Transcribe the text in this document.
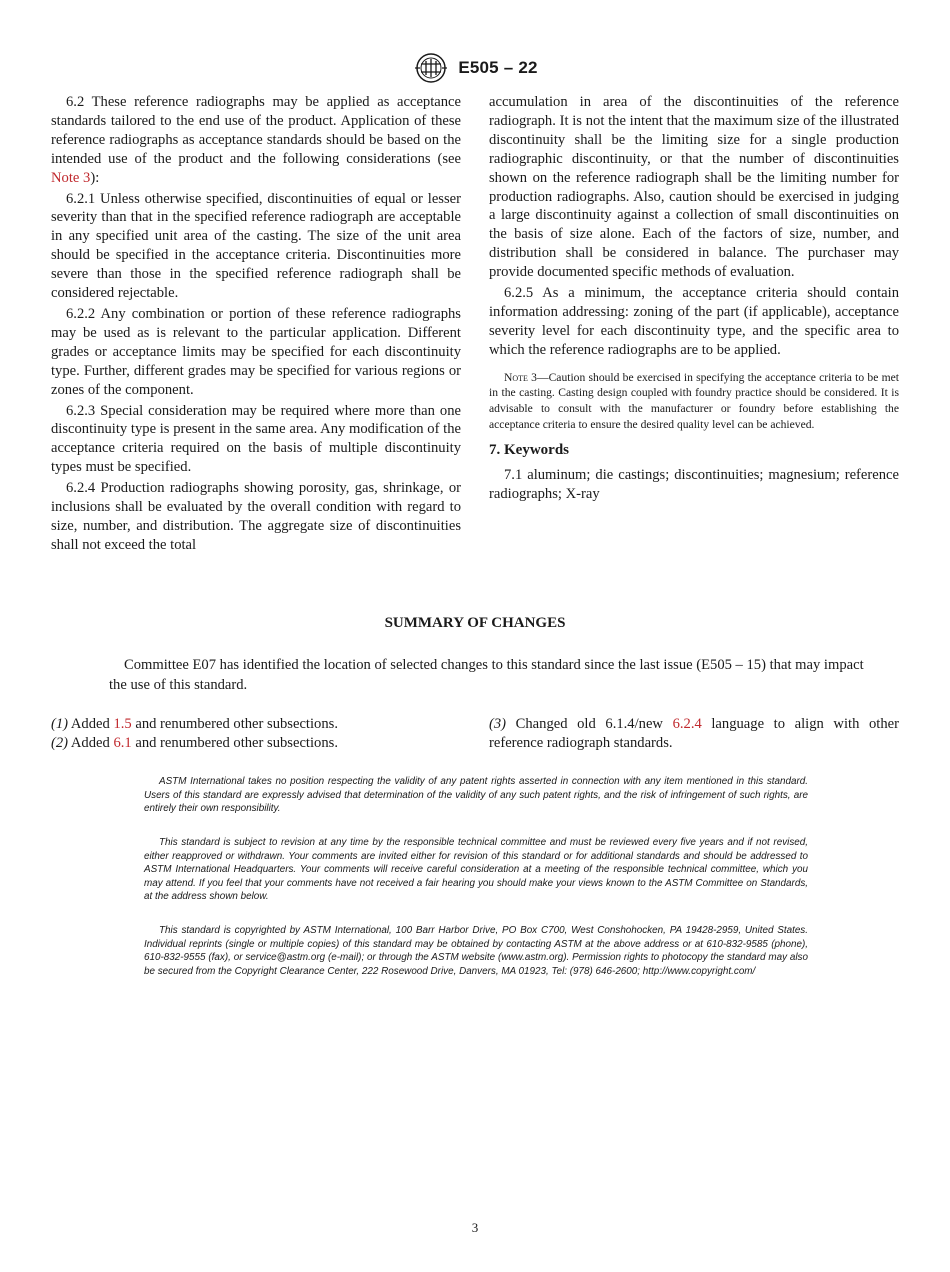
E505 – 22

6.2 These reference radiographs may be applied as acceptance standards tailored to the end use of the product. Application of these reference radiographs as acceptance standards should be based on the intended use of the product and the following considerations (see Note 3):

6.2.1 Unless otherwise specified, discontinuities of equal or lesser severity than that in the specified reference radiograph are acceptable in any specified unit area of the casting. The size of the unit area should be specified in the acceptance criteria. Discontinuities more severe than those in the specified reference radiograph shall be considered rejectable.

6.2.2 Any combination or portion of these reference radiographs may be used as is relevant to the particular application. Different grades or acceptance limits may be specified for each discontinuity type. Further, different grades may be specified for various regions or zones of the component.

6.2.3 Special consideration may be required where more than one discontinuity type is present in the same area. Any modification of the acceptance criteria required on the basis of multiple discontinuity types must be specified.

6.2.4 Production radiographs showing porosity, gas, shrinkage, or inclusions shall be evaluated by the overall condition with regard to size, number, and distribution. The aggregate size of discontinuities shall not exceed the total

accumulation in area of the discontinuities of the reference radiograph. It is not the intent that the maximum size of the illustrated discontinuity shall be the limiting size for a single production radiographic discontinuity, or that the number of discontinuities shown on the reference radiograph shall be the limiting number for production radiographs. Also, caution should be exercised in judging a large discontinuity against a collection of small discontinuities on the basis of size alone. Each of the factors of size, number, and distribution shall be considered in balance. The purchaser may provide documented specific methods of evaluation.

6.2.5 As a minimum, the acceptance criteria should contain information addressing: zoning of the part (if applicable), acceptance severity level for each discontinuity type, and the specific area to which the reference radiographs are to be applied.

Note 3—Caution should be exercised in specifying the acceptance criteria to be met in the casting. Casting design coupled with foundry practice should be considered. It is advisable to consult with the manufacturer or foundry before establishing the acceptance criteria to ensure the desired quality level can be achieved.

7. Keywords

7.1 aluminum; die castings; discontinuities; magnesium; reference radiographs; X-ray

SUMMARY OF CHANGES
Committee E07 has identified the location of selected changes to this standard since the last issue (E505 – 15) that may impact the use of this standard.
(1) Added 1.5 and renumbered other subsections.
(2) Added 6.1 and renumbered other subsections.
(3) Changed old 6.1.4/new 6.2.4 language to align with other reference radiograph standards.

ASTM International takes no position respecting the validity of any patent rights asserted in connection with any item mentioned in this standard. Users of this standard are expressly advised that determination of the validity of any such patent rights, and the risk of infringement of such rights, are entirely their own responsibility.

This standard is subject to revision at any time by the responsible technical committee and must be reviewed every five years and if not revised, either reapproved or withdrawn. Your comments are invited either for revision of this standard or for additional standards and should be addressed to ASTM International Headquarters. Your comments will receive careful consideration at a meeting of the responsible technical committee, which you may attend. If you feel that your comments have not received a fair hearing you should make your views known to the ASTM Committee on Standards, at the address shown below.

This standard is copyrighted by ASTM International, 100 Barr Harbor Drive, PO Box C700, West Conshohocken, PA 19428-2959, United States. Individual reprints (single or multiple copies) of this standard may be obtained by contacting ASTM at the above address or at 610-832-9585 (phone), 610-832-9555 (fax), or service@astm.org (e-mail); or through the ASTM website (www.astm.org). Permission rights to photocopy the standard may also be secured from the Copyright Clearance Center, 222 Rosewood Drive, Danvers, MA 01923, Tel: (978) 646-2600; http://www.copyright.com/

3
